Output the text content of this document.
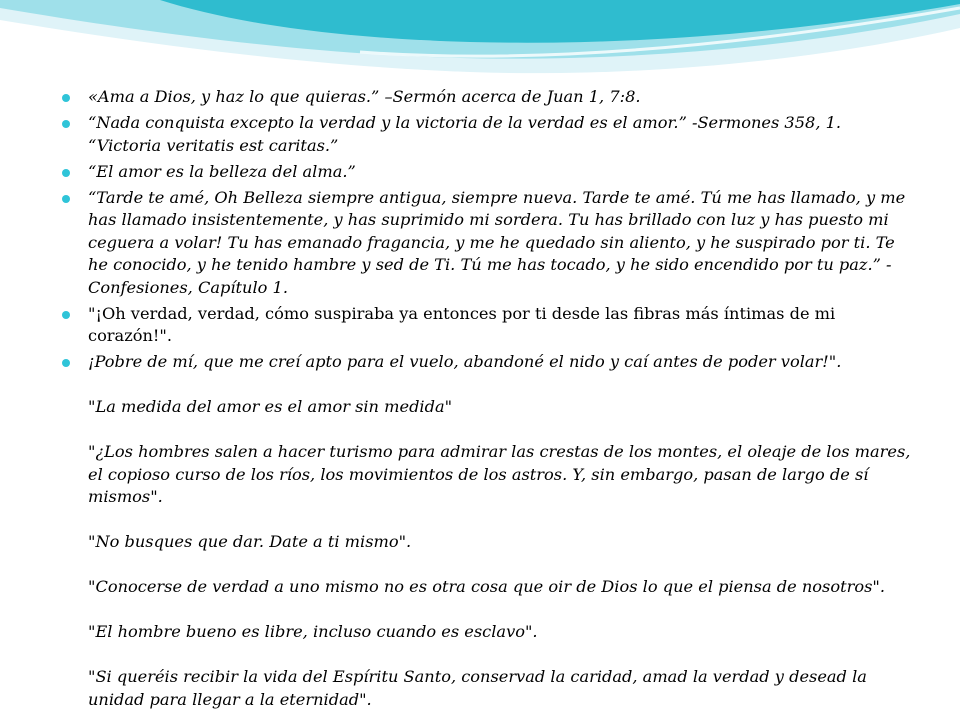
«Ama a Dios, y haz lo que quieras.” –Sermón acerca de Juan 1, 7:8.
“Nada conquista excepto la verdad y la victoria de la verdad es el amor.” -Sermones 358, 1. “Victoria veritatis est caritas.”
“El amor es la belleza del alma.”
“Tarde te amé, Oh Belleza siempre antigua, siempre nueva. Tarde te amé. Tú me has llamado, y me has llamado insistentemente, y has suprimido mi sordera. Tu has brillado con luz y has puesto mi ceguera a volar! Tu has emanado fragancia, y me he quedado sin aliento, y he suspirado por ti. Te he conocido, y he tenido hambre y sed de Ti. Tú me has tocado, y he sido encendido por tu paz.” -Confesiones, Capítulo 1.
"¡Oh verdad, verdad, cómo suspiraba ya entonces por ti desde las fibras más íntimas de mi corazón!".
¡Pobre de mí, que me creí apto para el vuelo, abandoné el nido y caí antes de poder volar!".
"La medida del amor es el amor sin medida"
"¿Los hombres salen a hacer turismo para admirar las crestas de los montes, el oleaje de los mares, el copioso curso de los ríos, los movimientos de los astros. Y, sin embargo, pasan de largo de sí mismos".
"No busques que dar. Date a ti mismo".
"Conocerse de verdad a uno mismo no es otra cosa que oir de Dios lo que el piensa de nosotros".
"El hombre bueno es libre, incluso cuando es esclavo".
"Si queréis recibir la vida del Espíritu Santo, conservad la caridad, amad la verdad y desead la unidad para llegar a la eternidad".
